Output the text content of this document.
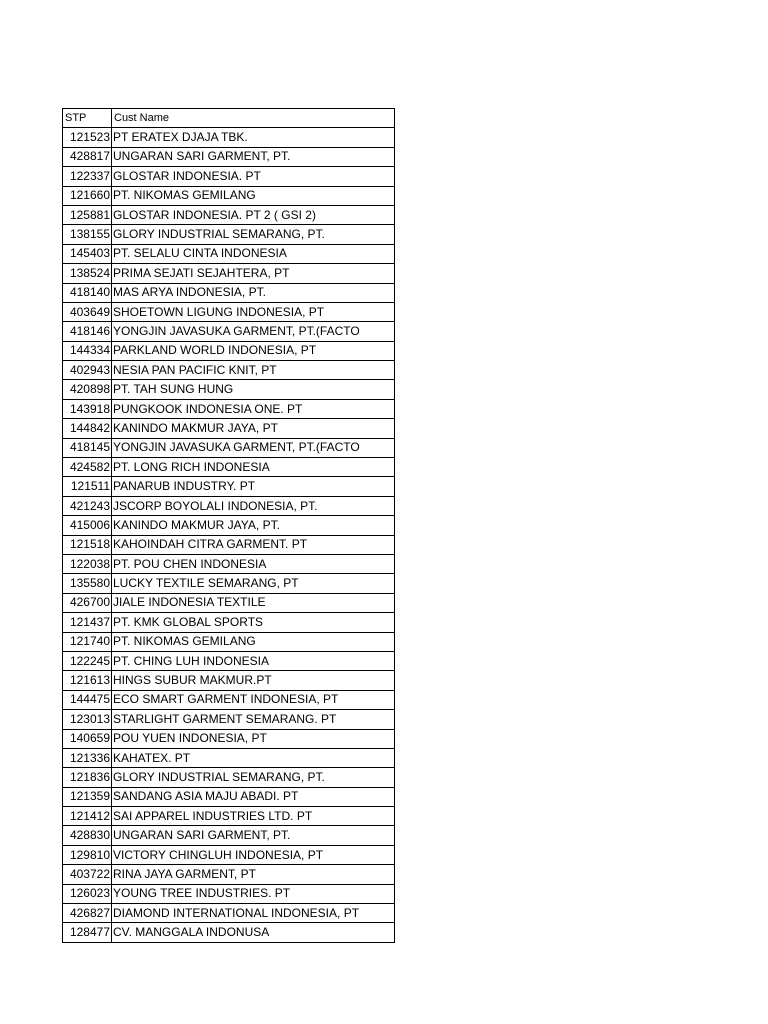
STP	Cust Name
121523	PT ERATEX DJAJA TBK.
428817	UNGARAN SARI GARMENT, PT.
122337	GLOSTAR INDONESIA. PT
121660	PT. NIKOMAS GEMILANG
125881	GLOSTAR INDONESIA. PT 2 ( GSI 2)
138155	GLORY INDUSTRIAL SEMARANG, PT.
145403	PT. SELALU CINTA INDONESIA
138524	PRIMA SEJATI SEJAHTERA, PT
418140	MAS ARYA INDONESIA, PT.
403649	SHOETOWN LIGUNG INDONESIA, PT
418146	YONGJIN JAVASUKA GARMENT, PT.(FACTO
144334	PARKLAND WORLD INDONESIA, PT
402943	NESIA PAN PACIFIC KNIT, PT
420898	PT. TAH SUNG HUNG
143918	PUNGKOOK INDONESIA ONE. PT
144842	KANINDO MAKMUR JAYA, PT
418145	YONGJIN JAVASUKA GARMENT, PT.(FACTO
424582	PT. LONG RICH INDONESIA
121511	PANARUB INDUSTRY. PT
421243	JSCORP BOYOLALI INDONESIA, PT.
415006	KANINDO MAKMUR JAYA, PT.
121518	KAHOINDAH CITRA GARMENT. PT
122038	PT. POU CHEN INDONESIA
135580	LUCKY TEXTILE SEMARANG, PT
426700	JIALE INDONESIA TEXTILE
121437	PT. KMK GLOBAL SPORTS
121740	PT. NIKOMAS GEMILANG
122245	PT. CHING LUH INDONESIA
121613	HINGS SUBUR MAKMUR.PT
144475	ECO SMART GARMENT INDONESIA, PT
123013	STARLIGHT GARMENT SEMARANG. PT
140659	POU YUEN INDONESIA, PT
121336	KAHATEX. PT
121836	GLORY INDUSTRIAL SEMARANG, PT.
121359	SANDANG ASIA MAJU ABADI. PT
121412	SAI APPAREL INDUSTRIES LTD. PT
428830	UNGARAN SARI GARMENT, PT.
129810	VICTORY CHINGLUH INDONESIA, PT
403722	RINA JAYA GARMENT, PT
126023	YOUNG TREE INDUSTRIES. PT
426827	DIAMOND INTERNATIONAL INDONESIA, PT
128477	CV. MANGGALA INDONUSA
